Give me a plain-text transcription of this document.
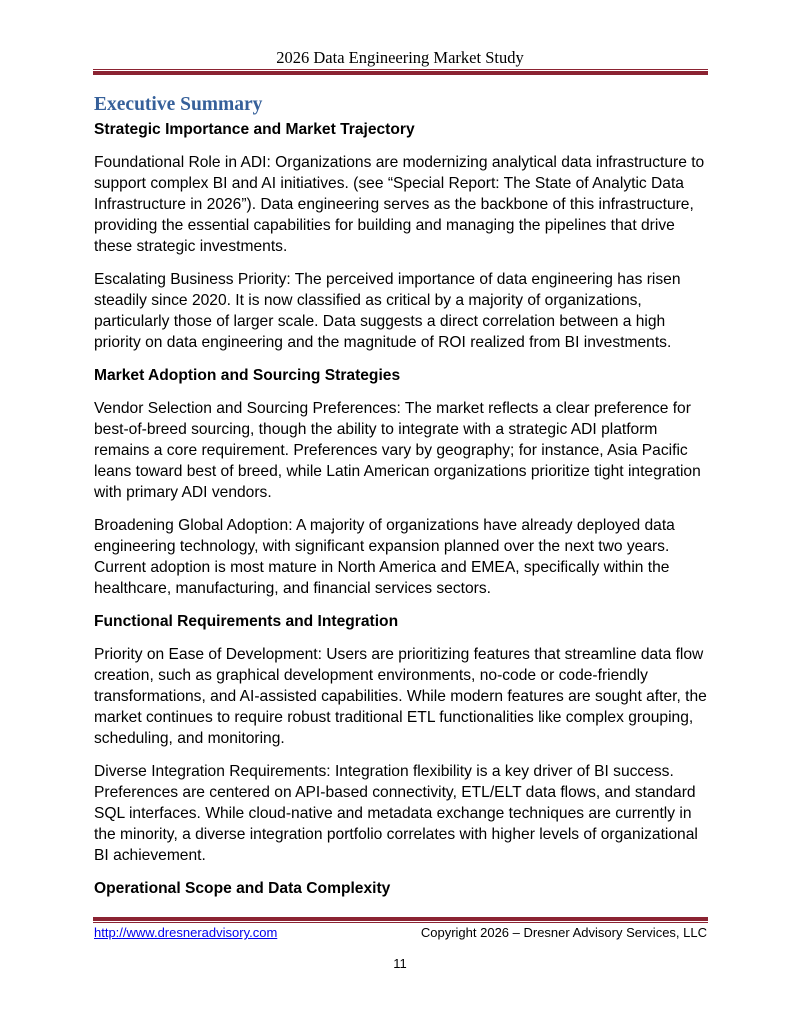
2026 Data Engineering Market Study
Executive Summary

Strategic Importance and Market Trajectory

Foundational Role in ADI: Organizations are modernizing analytical data infrastructure to support complex BI and AI initiatives. (see “Special Report: The State of Analytic Data Infrastructure in 2026”). Data engineering serves as the backbone of this infrastructure, providing the essential capabilities for building and managing the pipelines that drive these strategic investments.

Escalating Business Priority: The perceived importance of data engineering has risen steadily since 2020. It is now classified as critical by a majority of organizations, particularly those of larger scale. Data suggests a direct correlation between a high priority on data engineering and the magnitude of ROI realized from BI investments.

Market Adoption and Sourcing Strategies

Vendor Selection and Sourcing Preferences: The market reflects a clear preference for best-of-breed sourcing, though the ability to integrate with a strategic ADI platform remains a core requirement. Preferences vary by geography; for instance, Asia Pacific leans toward best of breed, while Latin American organizations prioritize tight integration with primary ADI vendors.

Broadening Global Adoption: A majority of organizations have already deployed data engineering technology, with significant expansion planned over the next two years. Current adoption is most mature in North America and EMEA, specifically within the healthcare, manufacturing, and financial services sectors.

Functional Requirements and Integration

Priority on Ease of Development: Users are prioritizing features that streamline data flow creation, such as graphical development environments, no-code or code-friendly transformations, and AI-assisted capabilities. While modern features are sought after, the market continues to require robust traditional ETL functionalities like complex grouping, scheduling, and monitoring.

Diverse Integration Requirements: Integration flexibility is a key driver of BI success. Preferences are centered on API-based connectivity, ETL/ELT data flows, and standard SQL interfaces. While cloud-native and metadata exchange techniques are currently in the minority, a diverse integration portfolio correlates with higher levels of organizational BI achievement.

Operational Scope and Data Complexity

http://www.dresneradvisory.com	Copyright 2026 – Dresner Advisory Services, LLC
11
